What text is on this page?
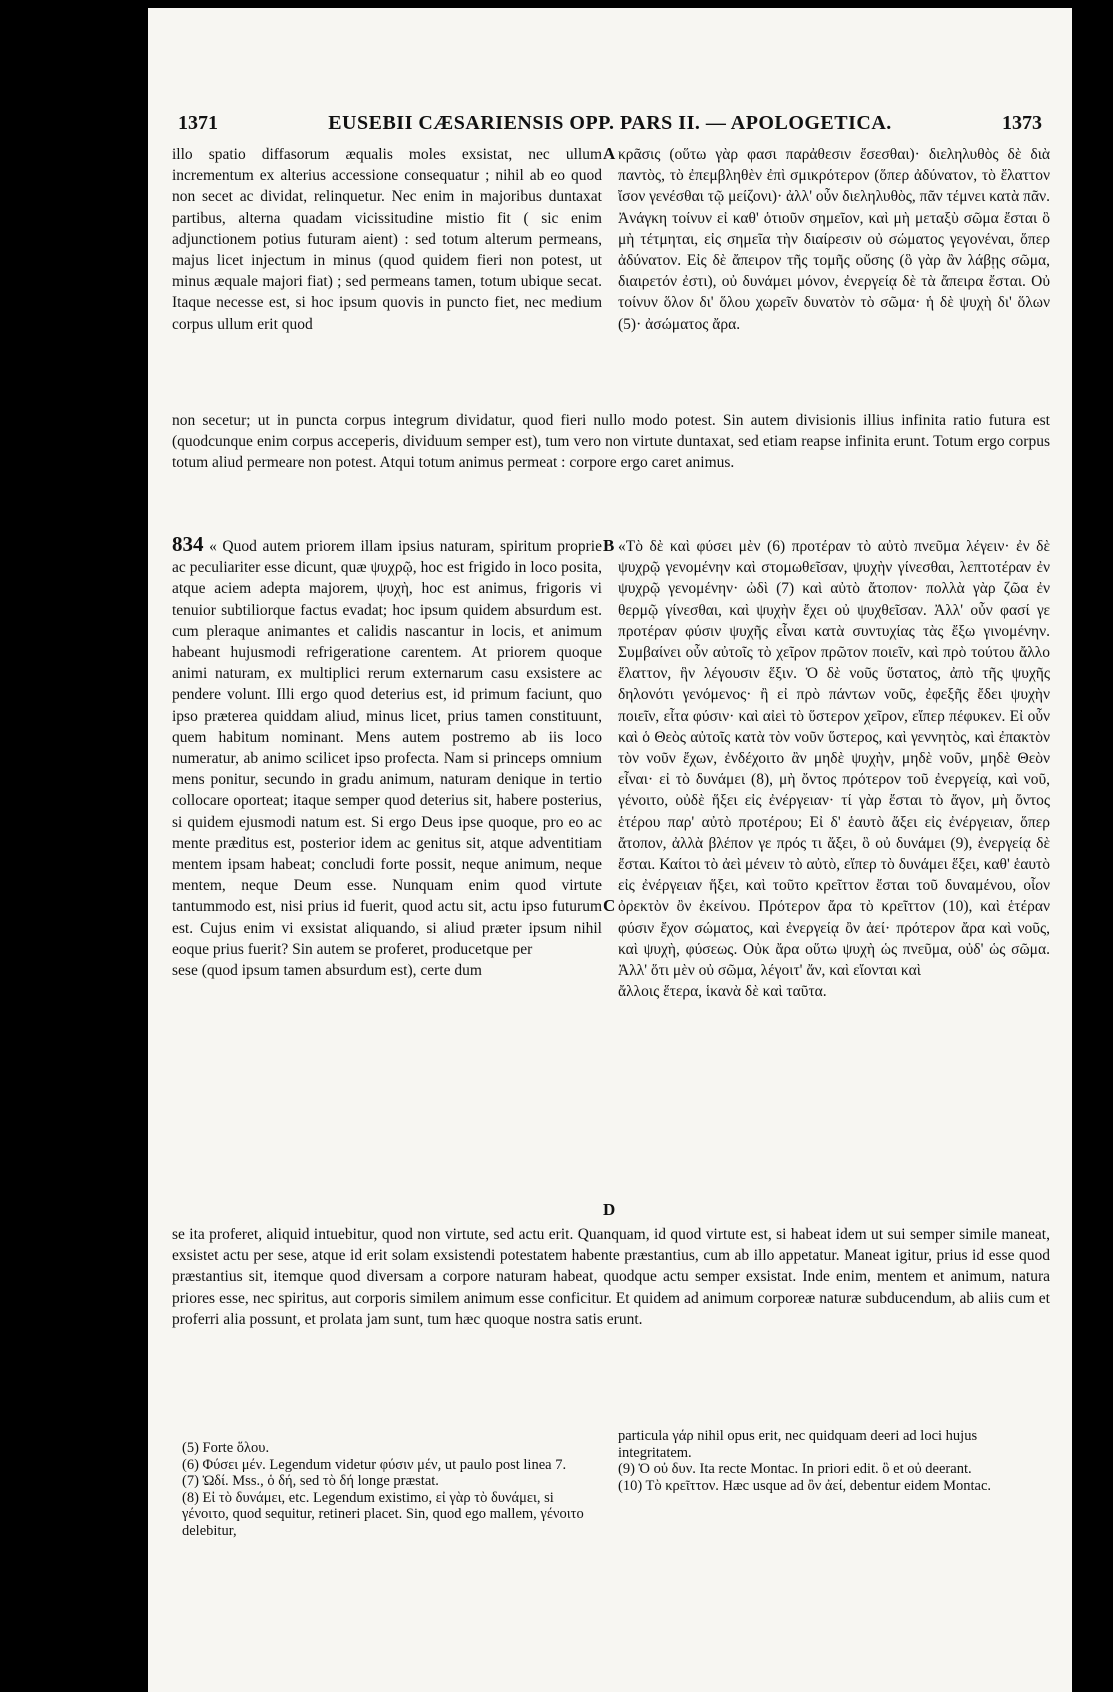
1371	EUSEBII CÆSARIENSIS OPP. PARS II. — APOLOGETICA.	1373

illo spatio diffasorum æqualis moles exsistat, nec ullum incrementum ex alterius accessione consequatur ; nihil ab eo quod non secet ac dividat, relinquetur. Nec enim in majoribus duntaxat partibus, alterna quadam vicissitudine mistio fit ( sic enim adjunctionem potius futuram aient) : sed totum alterum permeans, majus licet injectum in minus (quod quidem fieri non potest, ut minus æquale majori fiat) ; sed permeans tamen, totum ubique secat. Itaque necesse est, si hoc ipsum quovis in puncto fiet, nec medium corpus ullum erit quod

A κρᾶσις (οὕτω γὰρ φασι παρἀθεσιν ἔσεσθαι)· διεληλυθὸς δὲ διὰ παντὸς, τὸ ἐπεμβληθὲν ἐπὶ σμικρότερον (ὅπερ ἀδύνατον, τὸ ἔλαττον ἴσον γενέσθαι τῷ μείζονι)· ἀλλ' οὖν διεληλυθὸς, πᾶν τέμνει κατὰ πᾶν. Ἀνάγκη τοίνυν εἰ καθ' ὁτιοῦν σημεῖον, καὶ μὴ μεταξὺ σῶμα ἔσται ὃ μὴ τέτμηται, εἰς σημεῖα τὴν διαίρεσιν οὐ σώματος γεγονέναι, ὅπερ ἀδύνατον. Εἰς δὲ ἄπειρον τῆς τομῆς οὔσης (ὃ γὰρ ἂν λάβῃς σῶμα, διαιρετόν ἐστι), οὐ δυνάμει μόνον, ἐνεργείᾳ δὲ τὰ ἄπειρα ἔσται. Οὐ τοίνυν ὅλον δι' ὅλου χωρεῖν δυνατὸν τὸ σῶμα· ἡ δὲ ψυχὴ δι' ὅλων (5)· ἀσώματος ἄρα.

non secetur; ut in puncta corpus integrum dividatur, quod fieri nullo modo potest. Sin autem divisionis illius infinita ratio futura est (quodcunque enim corpus acceperis, dividuum semper est), tum vero non virtute duntaxat, sed etiam reapse infinita erunt. Totum ergo corpus totum aliud permeare non potest. Atqui totum animus permeat : corpore ergo caret animus.

834 « Quod autem priorem illam ipsius naturam, spiritum proprie ac peculiariter esse dicunt, quæ ψυχρῷ, hoc est frigido in loco posita, atque aciem adepta majorem, ψυχὴ, hoc est animus, frigoris vi tenuior subtiliorque factus evadat; hoc ipsum quidem absurdum est. cum pleraque animantes et calidis nascantur in locis, et animum habeant hujusmodi refrigeratione carentem. At priorem quoque animi naturam, ex multiplici rerum externarum casu exsistere ac pendere volunt. Illi ergo quod deterius est, id primum faciunt, quo ipso præterea quiddam aliud, minus licet, prius tamen constituunt, quem habitum nominant. Mens autem postremo ab iis loco numeratur, ab animo scilicet ipso profecta. Nam si princeps omnium mens ponitur, secundo in gradu animum, naturam denique in tertio collocare oporteat; itaque semper quod deterius sit, habere posterius, si quidem ejusmodi natum est. Si ergo Deus ipse quoque, pro eo ac mente præditus est, posterior idem ac genitus sit, atque adventitiam mentem ipsam habeat; concludi forte possit, neque animum, neque mentem, neque Deum esse. Nunquam enim quod virtute tantummodo est, nisi prius id fuerit, quod actu sit, actu ipso futurum est. Cujus enim vi exsistat aliquando, si aliud præter ipsum nihil eoque prius fuerit? Sin autem se proferet, producetque per

sese (quod ipsum tamen absurdum est), certe dum

B
C
D

«Τὸ δὲ καὶ φύσει μὲν (6) προτέραν τὸ αὐτὸ πνεῦμα λέγειν· ἐν δὲ ψυχρῷ γενομένην καὶ στομωθεῖσαν, ψυχὴν γίνεσθαι, λεπτοτέραν ἐν ψυχρῷ γενομένην· ὠδὶ (7) καὶ αὐτὸ ἄτοπον· πολλὰ γὰρ ζῶα ἐν θερμῷ γίνεσθαι, καὶ ψυχὴν ἔχει οὐ ψυχθεῖσαν. Ἀλλ' οὖν φασί γε προτέραν φύσιν ψυχῆς εἶναι κατὰ συντυχίας τὰς ἔξω γινομένην. Συμβαίνει οὖν αὐτοῖς τὸ χεῖρον πρῶτον ποιεῖν, καὶ πρὸ τούτου ἄλλο ἔλαττον, ἣν λέγουσιν ἕξιν. Ὁ δὲ νοῦς ὕστατος, ἀπὸ τῆς ψυχῆς δηλονότι γενόμενος· ἢ εἰ πρὸ πάντων νοῦς, ἐφεξῆς ἔδει ψυχὴν ποιεῖν, εἶτα φύσιν· καὶ αἰεὶ τὸ ὕστερον χεῖρον, εἴπερ πέφυκεν. Εἰ οὖν καὶ ὁ Θεὸς αὐτοῖς κατὰ τὸν νοῦν ὕστερος, καὶ γεννητὸς, καὶ ἐπακτὸν τὸν νοῦν ἔχων, ἐνδέχοιτο ἂν μηδὲ ψυχὴν, μηδὲ νοῦν, μηδὲ Θεὸν εἶναι· εἰ τὸ δυνάμει (8), μὴ ὄντος πρότερον τοῦ ἐνεργείᾳ, καὶ νοῦ, γένοιτο, οὐδὲ ἥξει εἰς ἐνέργειαν· τί γὰρ ἔσται τὸ ἄγον, μὴ ὄντος ἑτέρου παρ' αὐτὸ προτέρου; Εἰ δ' ἑαυτὸ ἄξει εἰς ἐνέργειαν, ὅπερ ἄτοπον, ἀλλὰ βλέπον γε πρός τι ἄξει, ὃ οὐ δυνάμει (9), ἐνεργείᾳ δὲ ἔσται. Καίτοι τὸ ἀεὶ μένειν τὸ αὐτὸ, εἴπερ τὸ δυνάμει ἕξει, καθ' ἑαυτὸ εἰς ἐνέργειαν ἥξει, καὶ τοῦτο κρεῖττον ἔσται τοῦ δυναμένου, οἷον ὀρεκτὸν ὂν ἐκείνου. Πρότερον ἄρα τὸ κρεῖττον (10), καὶ ἑτέραν φύσιν ἔχον σώματος, καὶ ἐνεργείᾳ ὂν ἀεί· πρότερον ἄρα καὶ νοῦς, καὶ ψυχὴ, φύσεως. Οὐκ ἄρα οὕτω ψυχὴ ὡς πνεῦμα, οὐδ' ὡς σῶμα. Ἀλλ' ὅτι μὲν οὐ σῶμα, λέγοιτ' ἄν, καὶ εἴονται καὶ

ἄλλοις ἕτερα, ἱκανὰ δὲ καὶ ταῦτα.

se ita proferet, aliquid intuebitur, quod non virtute, sed actu erit. Quanquam, id quod virtute est, si habeat idem ut sui semper simile maneat, exsistet actu per sese, atque id erit solam exsistendi potestatem habente præstantius, cum ab illo appetatur. Maneat igitur, prius id esse quod præstantius sit, itemque quod diversam a corpore naturam habeat, quodque actu semper exsistat. Inde enim, mentem et animum, natura priores esse, nec spiritus, aut corporis similem animum esse conficitur. Et quidem ad animum corporeæ naturæ subducendum, ab aliis cum et proferri alia possunt, et prolata jam sunt, tum hæc quoque nostra satis erunt.

(5) Forte ὅλου.

(6) Φύσει μέν. Legendum videtur φύσιν μέν, ut paulo post linea 7.

(7) Ὠδί. Mss., ὁ δή, sed τὸ δή longe præstat.

(8) Εἰ τὸ δυνάμει, etc. Legendum existimo, εἰ γὰρ τὸ δυνάμει, si γένοιτο, quod sequitur, retineri placet. Sin, quod ego mallem, γένοιτο delebitur,

particula γάρ nihil opus erit, nec quidquam deeri ad loci hujus integritatem.

(9) Ὁ οὐ δυν. Ita recte Montac. In priori edit. ὃ et οὐ deerant.

(10) Τὸ κρεῖττον. Hæc usque ad ὂν ἀεί, debentur eidem Montac.
